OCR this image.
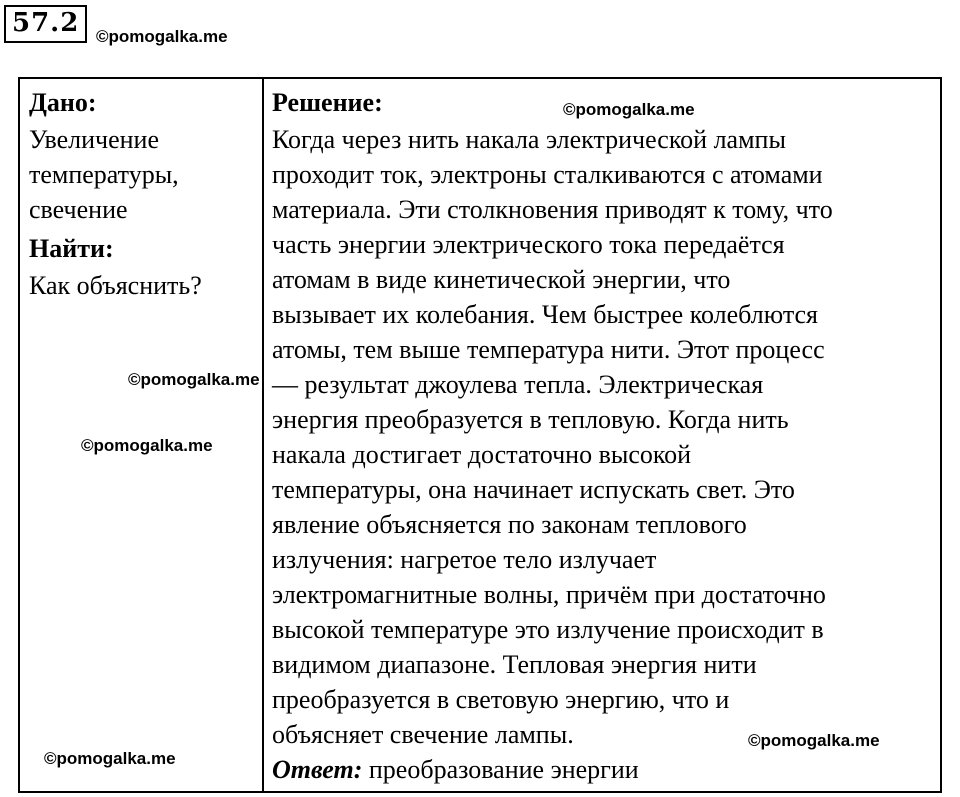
57.2 ©pomogalka.me

Дано:

Увеличение
температуры,
свечение

Найти:

Как объяснить?

Решение:

Когда через нить накала электрической лампы
проходит ток, электроны сталкиваются с атомами
материала. Эти столкновения приводят к тому, что
часть энергии электрического тока передаётся
атомам в виде кинетической энергии, что
вызывает их колебания. Чем быстрее колеблются
атомы, тем выше температура нити. Этот процесс
— результат джоулева тепла. Электрическая
энергия преобразуется в тепловую. Когда нить
накала достигает достаточно высокой
температуры, она начинает испускать свет. Это
явление объясняется по законам теплового
излучения: нагретое тело излучает
электромагнитные волны, причём при достаточно
высокой температуре это излучение происходит в
видимом диапазоне. Тепловая энергия нити
преобразуется в световую энергию, что и
объясняет свечение лампы.

Ответ: преобразование энергии

©pomogalka.me
©pomogalka.me
©pomogalka.me
©pomogalka.me
©pomogalka.me
